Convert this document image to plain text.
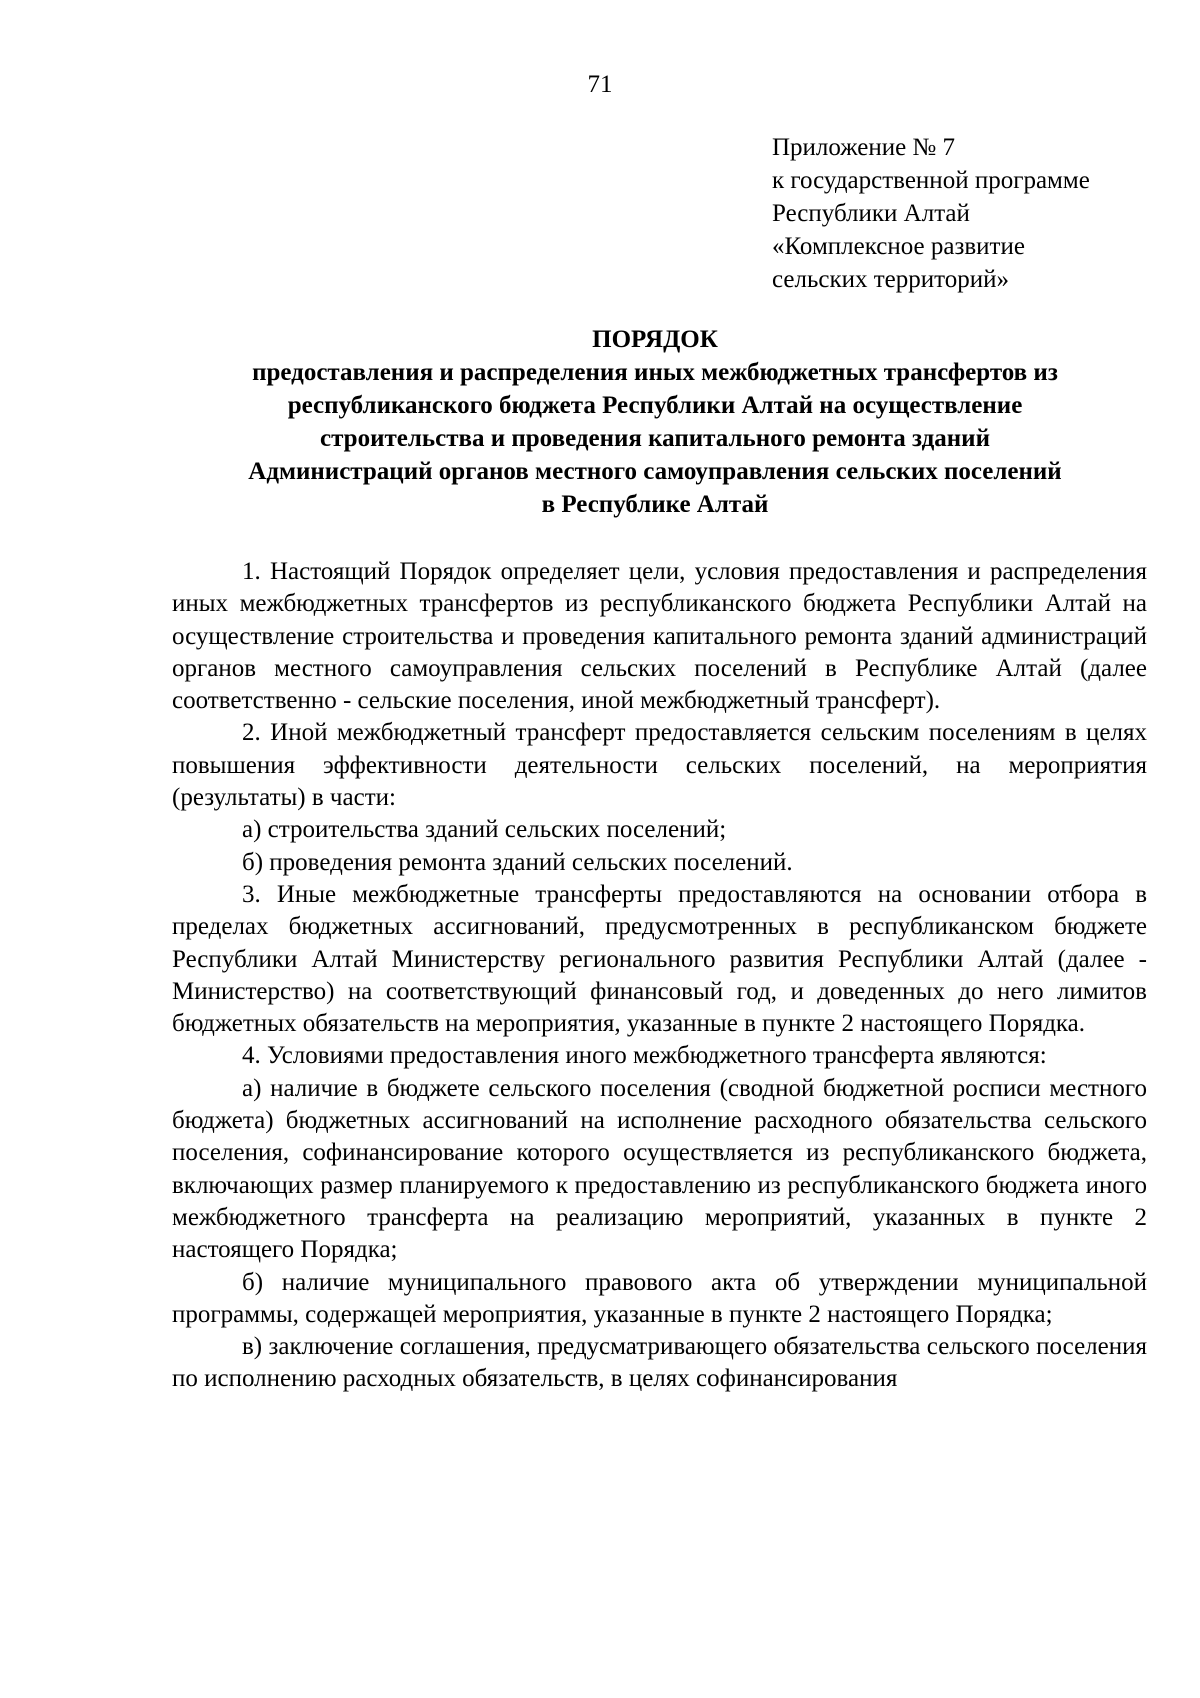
71
Приложение № 7
к государственной программе
Республики Алтай
«Комплексное развитие
сельских территорий»
ПОРЯДОК
предоставления и распределения иных межбюджетных трансфертов из
республиканского бюджета Республики Алтай на осуществление
строительства и проведения капитального ремонта зданий
Администраций органов местного самоуправления сельских поселений
в Республике Алтай

1. Настоящий Порядок определяет цели, условия предоставления и распределения иных межбюджетных трансфертов из республиканского бюджета Республики Алтай на осуществление строительства и проведения капитального ремонта зданий администраций органов местного самоуправления сельских поселений в Республике Алтай (далее соответственно - сельские поселения, иной межбюджетный трансферт).

2. Иной межбюджетный трансферт предоставляется сельским поселениям в целях повышения эффективности деятельности сельских поселений, на мероприятия (результаты) в части:

а) строительства зданий сельских поселений;

б) проведения ремонта зданий сельских поселений.

3. Иные межбюджетные трансферты предоставляются на основании отбора в пределах бюджетных ассигнований, предусмотренных в республиканском бюджете Республики Алтай Министерству регионального развития Республики Алтай (далее - Министерство) на соответствующий финансовый год, и доведенных до него лимитов бюджетных обязательств на мероприятия, указанные в пункте 2 настоящего Порядка.

4. Условиями предоставления иного межбюджетного трансферта являются:

а) наличие в бюджете сельского поселения (сводной бюджетной росписи местного бюджета) бюджетных ассигнований на исполнение расходного обязательства сельского поселения, софинансирование которого осуществляется из республиканского бюджета, включающих размер планируемого к предоставлению из республиканского бюджета иного межбюджетного трансферта на реализацию мероприятий, указанных в пункте 2 настоящего Порядка;

б) наличие муниципального правового акта об утверждении муниципальной программы, содержащей мероприятия, указанные в пункте 2 настоящего Порядка;

в) заключение соглашения, предусматривающего обязательства сельского поселения по исполнению расходных обязательств, в целях софинансирования
